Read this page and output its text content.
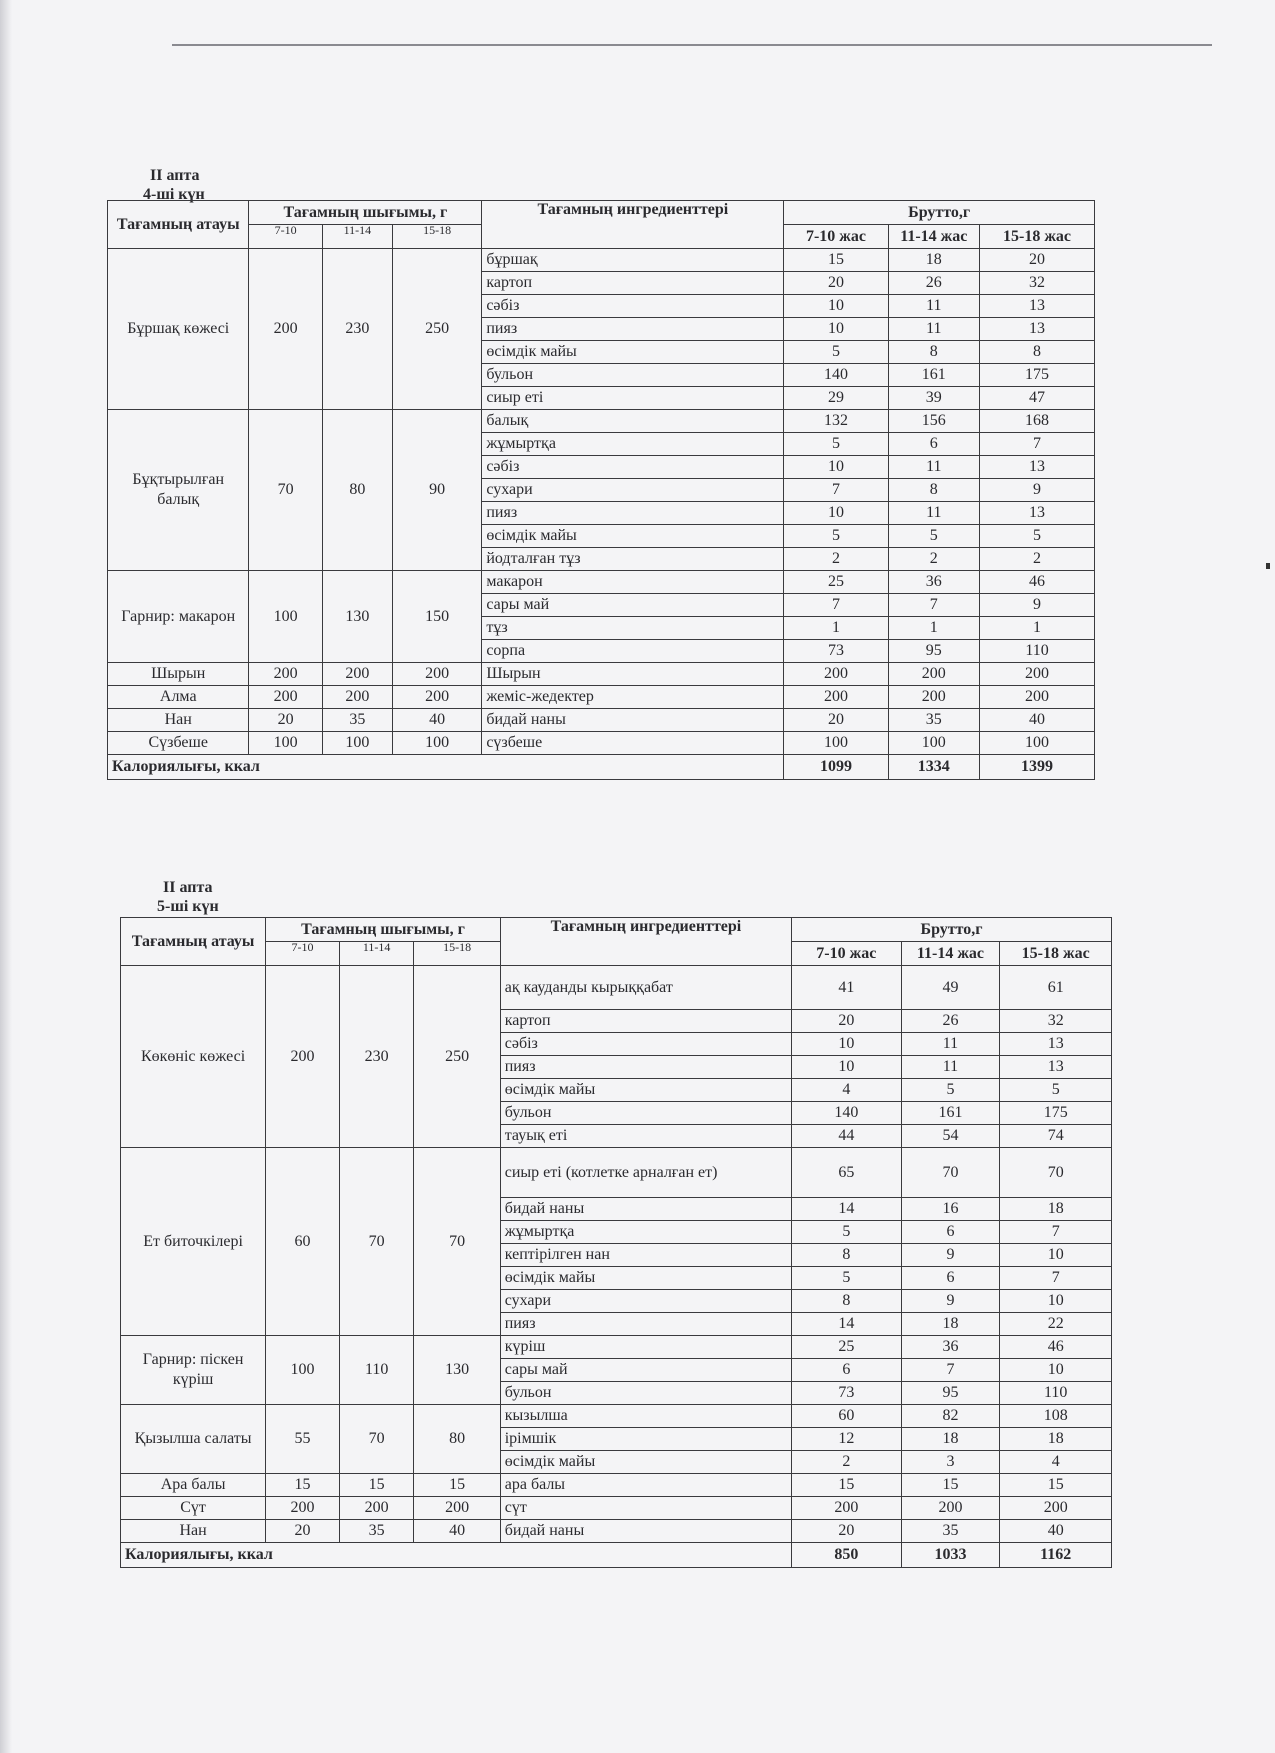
II апта
4-ші күн
Тағамның атауы	Тағамның шығымы, г			Тағамның ингредиенттері	Брутто,г		
	7-10	11-14	15-18		7-10 жас	11-14 жас	15-18 жас

Бұршақ көжесі	200	230	250	бұршақ	15	18	20
				картоп	20	26	32
				сәбіз	10	11	13
				пияз	10	11	13
				өсімдік майы	5	8	8
				бульон	140	161	175
				сиыр еті	29	39	47
Бұқтырылған балық	70	80	90	балық	132	156	168
				жұмыртқа	5	6	7
				сәбіз	10	11	13
				сухари	7	8	9
				пияз	10	11	13
				өсімдік майы	5	5	5
				йодталған тұз	2	2	2
Гарнир: макарон	100	130	150	макарон	25	36	46
				сары май	7	7	9
				тұз	1	1	1
				сорпа	73	95	110
Шырын	200	200	200	Шырын	200	200	200
Алма	200	200	200	жеміс-жедектер	200	200	200
Нан	20	35	40	бидай наны	20	35	40
Сүзбеше	100	100	100	сүзбеше	100	100	100
Калориялығы, ккал					1099	1334	1399
II апта
5-ші күн
Тағамның атауы	Тағамның шығымы, г			Тағамның ингредиенттері	Брутто,г		
	7-10	11-14	15-18		7-10 жас	11-14 жас	15-18 жас

Көкөніс көжесі	200	230	250	ақ кауданды кырыққабат	41	49	61
				картоп	20	26	32
				сәбіз	10	11	13
				пияз	10	11	13
				өсімдік майы	4	5	5
				бульон	140	161	175
				тауық еті	44	54	74
Ет биточкілері	60	70	70	сиыр еті (котлетке арналған ет)	65	70	70
				бидай наны	14	16	18
				жұмыртқа	5	6	7
				кептірілген нан	8	9	10
				өсімдік майы	5	6	7
				сухари	8	9	10
				пияз	14	18	22
Гарнир: піскен күріш	100	110	130	күріш	25	36	46
				сары май	6	7	10
				бульон	73	95	110
Қызылша салаты	55	70	80	кызылша	60	82	108
				ірімшік	12	18	18
				өсімдік майы	2	3	4
Ара балы	15	15	15	ара балы	15	15	15
Сүт	200	200	200	сүт	200	200	200
Нан	20	35	40	бидай наны	20	35	40
Калориялығы, ккал					850	1033	1162
